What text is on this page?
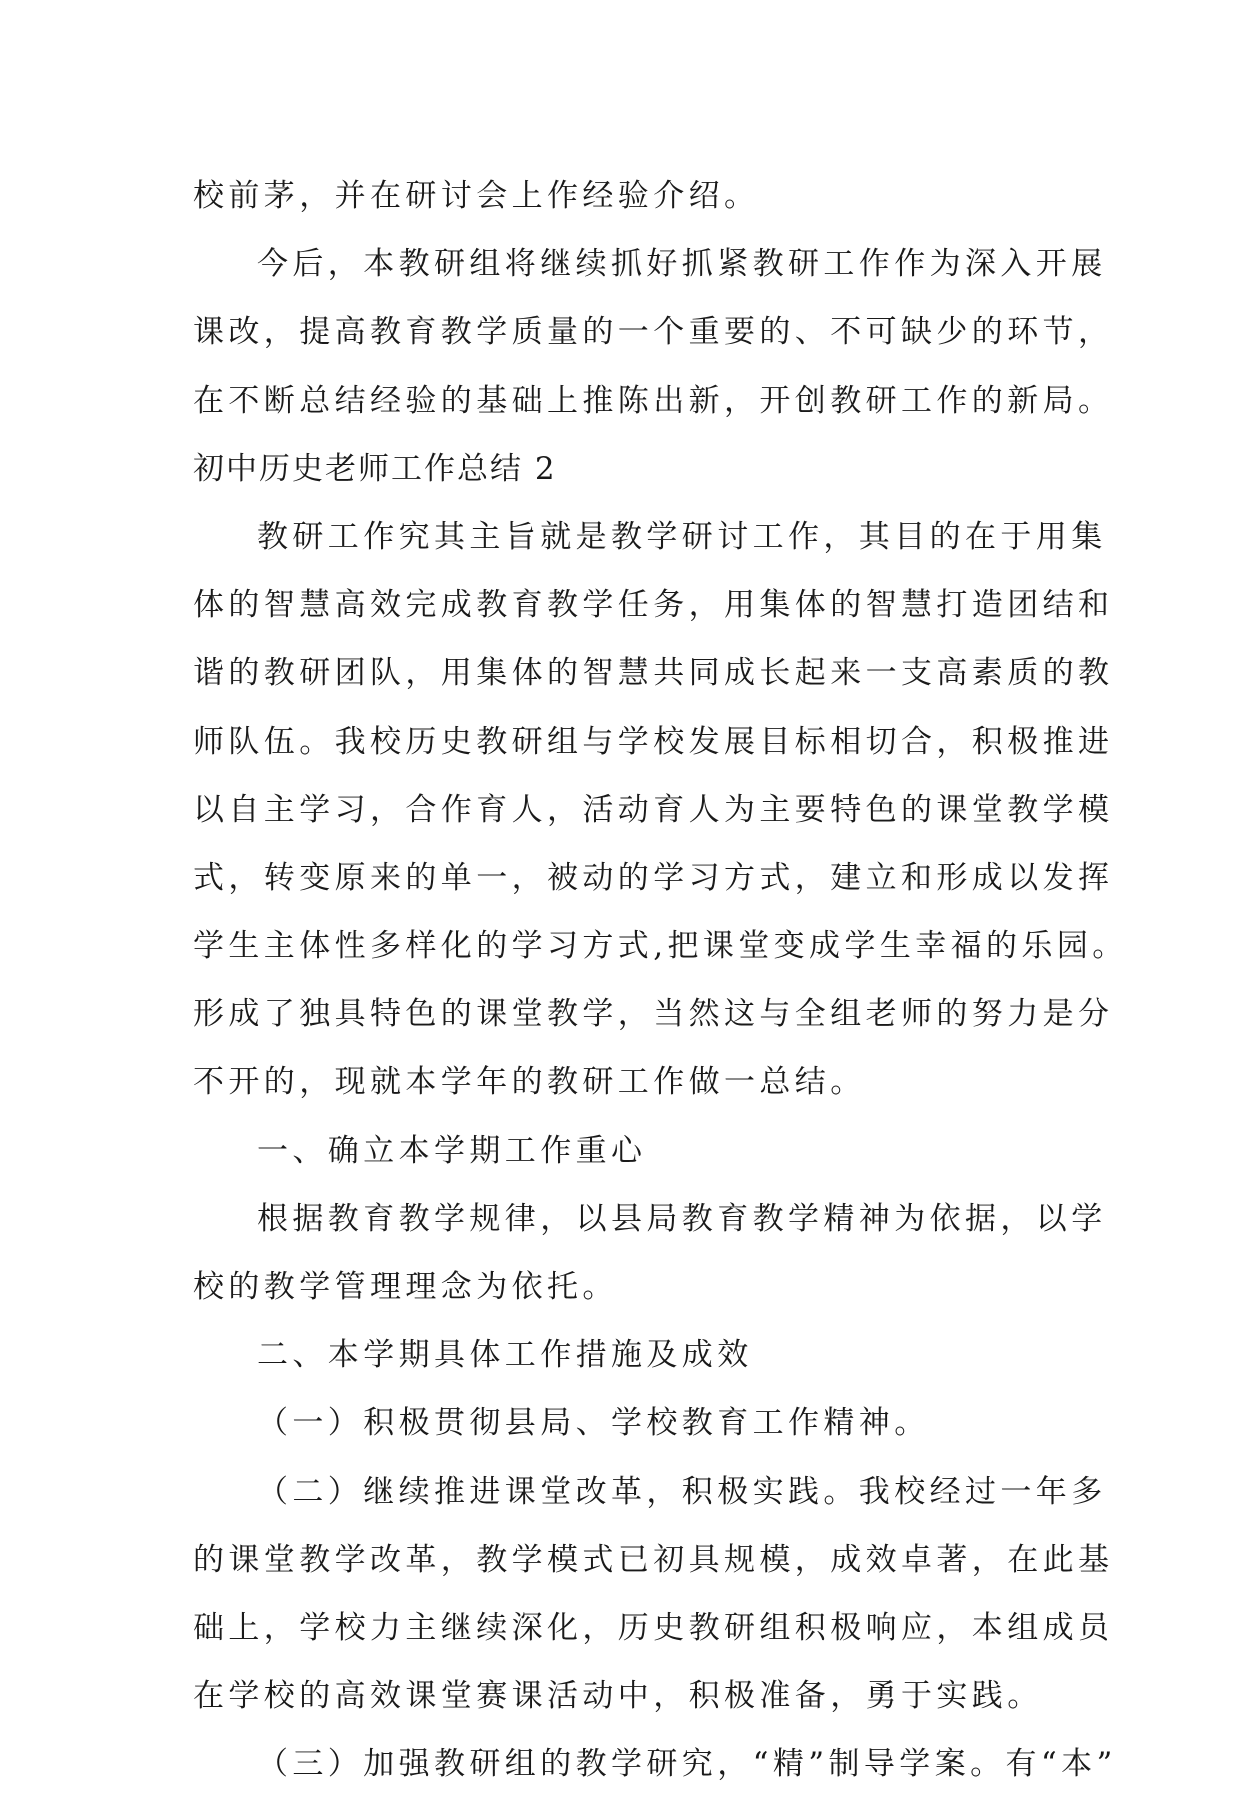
校前茅，并在研讨会上作经验介绍。
今后，本教研组将继续抓好抓紧教研工作作为深入开展
课改，提高教育教学质量的一个重要的、不可缺少的环节，
在不断总结经验的基础上推陈出新，开创教研工作的新局。
初中历史老师工作总结 2
教研工作究其主旨就是教学研讨工作，其目的在于用集
体的智慧高效完成教育教学任务，用集体的智慧打造团结和
谐的教研团队，用集体的智慧共同成长起来一支高素质的教
师队伍。我校历史教研组与学校发展目标相切合，积极推进
以自主学习，合作育人，活动育人为主要特色的课堂教学模
式，转变原来的单一，被动的学习方式，建立和形成以发挥
学生主体性多样化的学习方式,把课堂变成学生幸福的乐园。
形成了独具特色的课堂教学，当然这与全组老师的努力是分
不开的，现就本学年的教研工作做一总结。
一、确立本学期工作重心
根据教育教学规律，以县局教育教学精神为依据，以学
校的教学管理理念为依托。
二、本学期具体工作措施及成效
（一）积极贯彻县局、学校教育工作精神。
（二）继续推进课堂改革，积极实践。我校经过一年多
的课堂教学改革，教学模式已初具规模，成效卓著，在此基
础上，学校力主继续深化，历史教研组积极响应，本组成员
在学校的高效课堂赛课活动中，积极准备，勇于实践。
（三）加强教研组的教学研究，“精”制导学案。有“本”
